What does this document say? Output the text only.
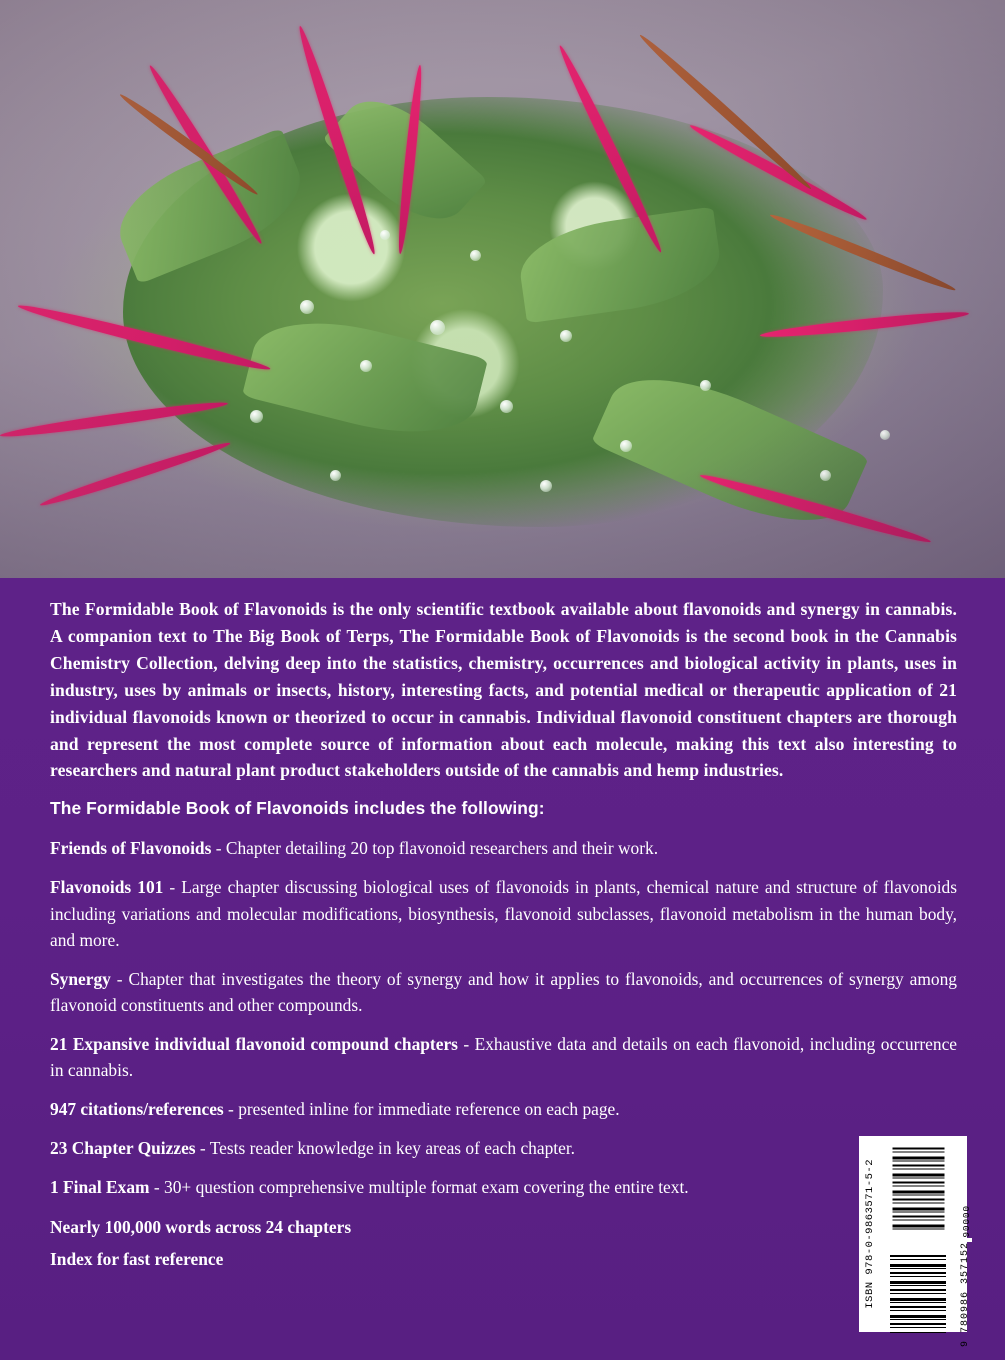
The Formidable Book of Flavonoids is the only scientific textbook available about flavonoids and synergy in cannabis. A companion text to The Big Book of Terps, The Formidable Book of Flavonoids is the second book in the Cannabis Chemistry Collection, delving deep into the statistics, chemistry, occurrences and biological activity in plants, uses in industry, uses by animals or insects, history, interesting facts, and potential medical or therapeutic application of 21 individual flavonoids known or theorized to occur in cannabis. Individual flavonoid constituent chapters are thorough and represent the most complete source of information about each molecule, making this text also interesting to researchers and natural plant product stakeholders outside of the cannabis and hemp industries.

The Formidable Book of Flavonoids includes the following:

Friends of Flavonoids - Chapter detailing 20 top flavonoid researchers and their work.

Flavonoids 101 - Large chapter discussing biological uses of flavonoids in plants, chemical nature and structure of flavonoids including variations and molecular modifications, biosynthesis, flavonoid subclasses, flavonoid metabolism in the human body, and more.

Synergy - Chapter that investigates the theory of synergy and how it applies to flavonoids, and occurrences of synergy among flavonoid constituents and other compounds.

21 Expansive individual flavonoid compound chapters - Exhaustive data and details on each flavonoid, including occurrence in cannabis.

947 citations/references - presented inline for immediate reference on each page.

23 Chapter Quizzes - Tests reader knowledge in key areas of each chapter.

1 Final Exam - 30+ question comprehensive multiple format exam covering the entire text.

Nearly 100,000 words across 24 chapters

Index for fast reference	ISBN 978-0-9863571-5-2	90000
9 780986 357152
